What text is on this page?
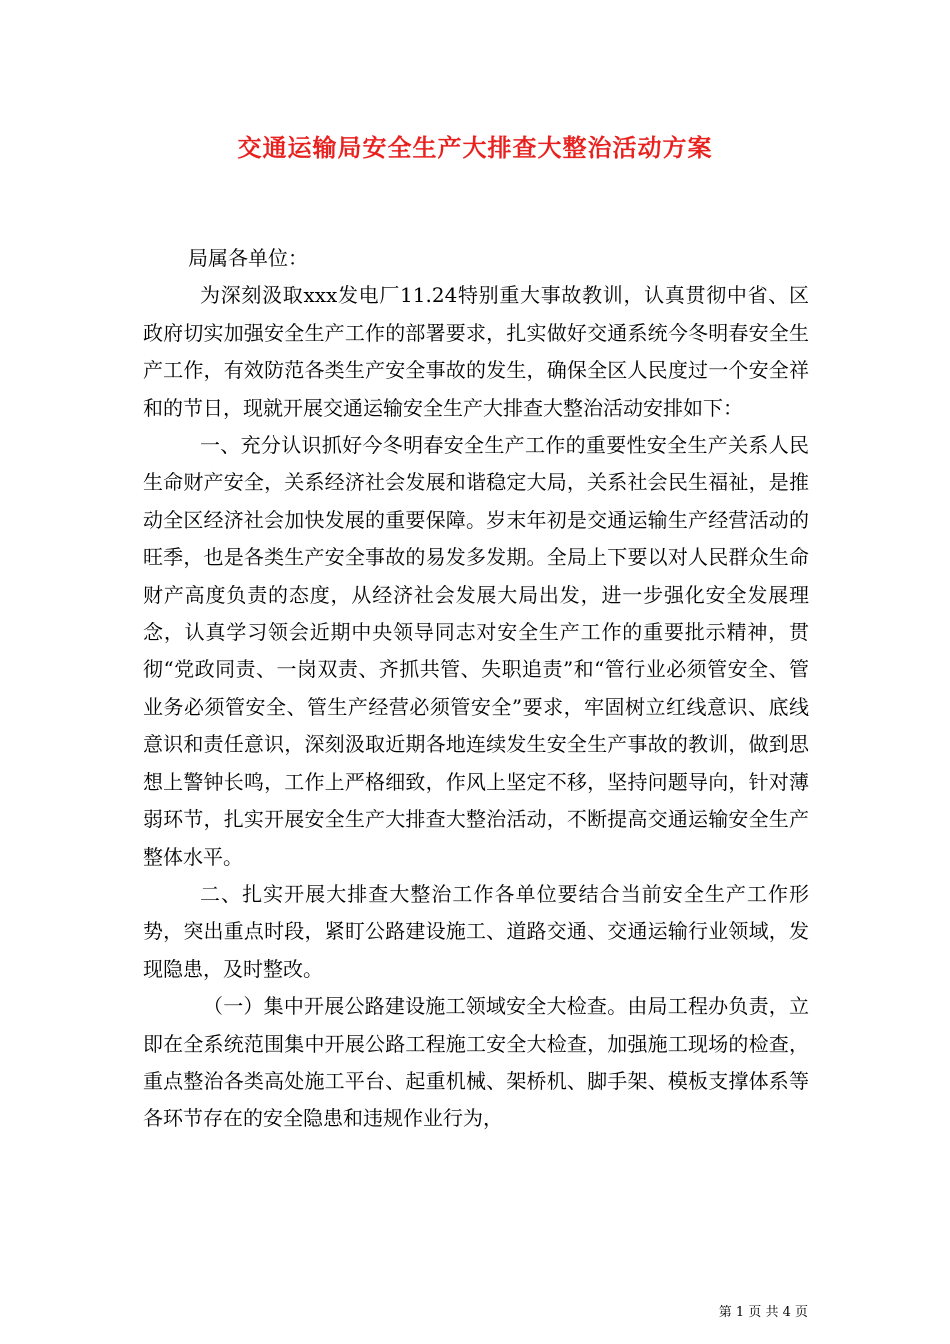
交通运输局安全生产大排查大整治活动方案

局属各单位：

为深刻汲取xxx发电厂11.24特别重大事故教训，认真贯彻中省、区政府切实加强安全生产工作的部署要求，扎实做好交通系统今冬明春安全生产工作，有效防范各类生产安全事故的发生，确保全区人民度过一个安全祥和的节日，现就开展交通运输安全生产大排查大整治活动安排如下：

一、充分认识抓好今冬明春安全生产工作的重要性安全生产关系人民生命财产安全，关系经济社会发展和谐稳定大局，关系社会民生福祉，是推动全区经济社会加快发展的重要保障。岁末年初是交通运输生产经营活动的旺季，也是各类生产安全事故的易发多发期。全局上下要以对人民群众生命财产高度负责的态度，从经济社会发展大局出发，进一步强化安全发展理念，认真学习领会近期中央领导同志对安全生产工作的重要批示精神，贯彻“党政同责、一岗双责、齐抓共管、失职追责”和“管行业必须管安全、管业务必须管安全、管生产经营必须管安全”要求，牢固树立红线意识、底线意识和责任意识，深刻汲取近期各地连续发生安全生产事故的教训，做到思想上警钟长鸣，工作上严格细致，作风上坚定不移，坚持问题导向，针对薄弱环节，扎实开展安全生产大排查大整治活动，不断提高交通运输安全生产整体水平。

二、扎实开展大排查大整治工作各单位要结合当前安全生产工作形势，突出重点时段，紧盯公路建设施工、道路交通、交通运输行业领域，发现隐患，及时整改。

（一）集中开展公路建设施工领域安全大检查。由局工程办负责，立即在全系统范围集中开展公路工程施工安全大检查，加强施工现场的检查，重点整治各类高处施工平台、起重机械、架桥机、脚手架、模板支撑体系等各环节存在的安全隐患和违规作业行为，

第 1 页 共 4 页
